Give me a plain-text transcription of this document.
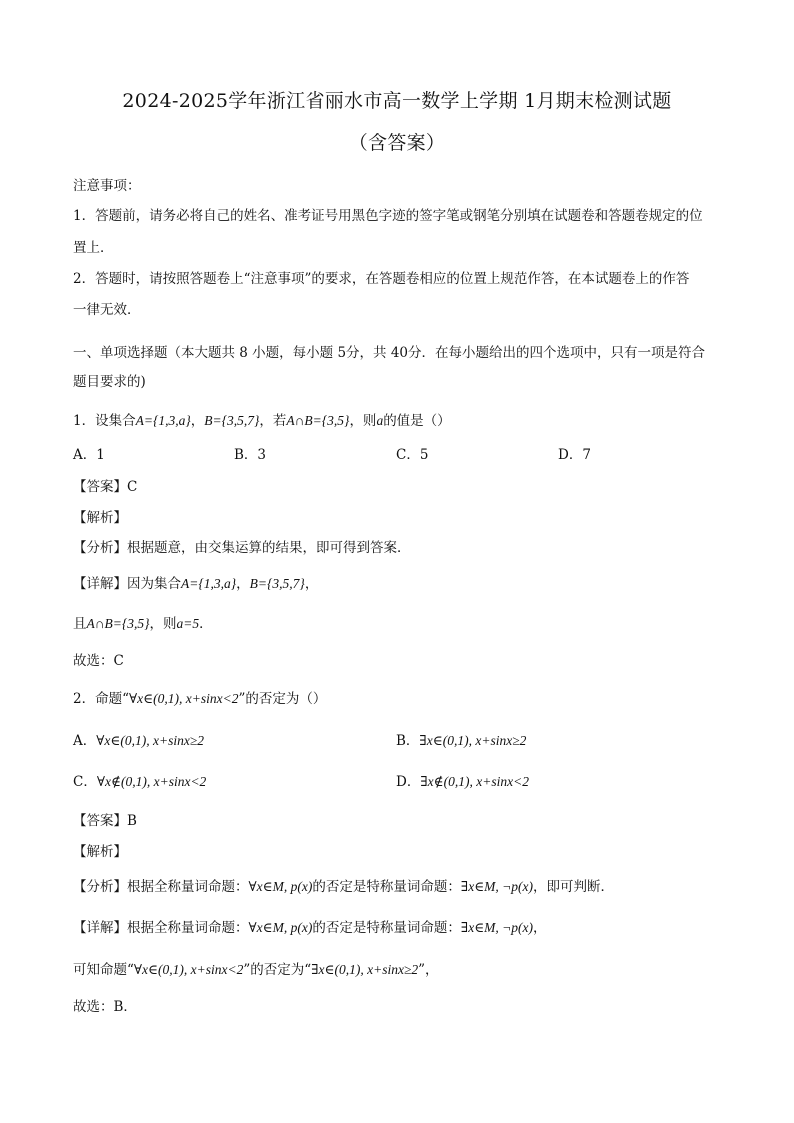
2024-2025学年浙江省丽水市高一数学上学期 1月期末检测试题
（含答案）
注意事项：
1．答题前，请务必将自己的姓名、准考证号用黑色字迹的签字笔或钢笔分别填在试题卷和答题卷规定的位
置上．
2．答题时，请按照答题卷上“注意事项”的要求，在答题卷相应的位置上规范作答，在本试题卷上的作答
一律无效．
一、单项选择题（本大题共 8 小题，每小题 5分，共 40分．在每小题给出的四个选项中，只有一项是符合
题目要求的)
1．设集合A={1,3,a}，B={3,5,7}，若A∩B={3,5}，则a的值是（）
A．1	B．3	C．5	D．7
【答案】C
【解析】
【分析】根据题意，由交集运算的结果，即可得到答案．
【详解】因为集合A={1,3,a}，B={3,5,7}，
且A∩B={3,5}，则a=5．
故选：C
2．命题“∀x∈(0,1), x+sinx<2”的否定为（）
A．∀x∈(0,1), x+sinx≥2	B．∃x∈(0,1), x+sinx≥2
C．∀x∉(0,1), x+sinx<2	D．∃x∉(0,1), x+sinx<2
【答案】B
【解析】
【分析】根据全称量词命题：∀x∈M, p(x)的否定是特称量词命题：∃x∈M, ¬p(x)，即可判断．
【详解】根据全称量词命题：∀x∈M, p(x)的否定是特称量词命题：∃x∈M, ¬p(x)，
可知命题“∀x∈(0,1), x+sinx<2”的否定为“∃x∈(0,1), x+sinx≥2”，
故选：B．
